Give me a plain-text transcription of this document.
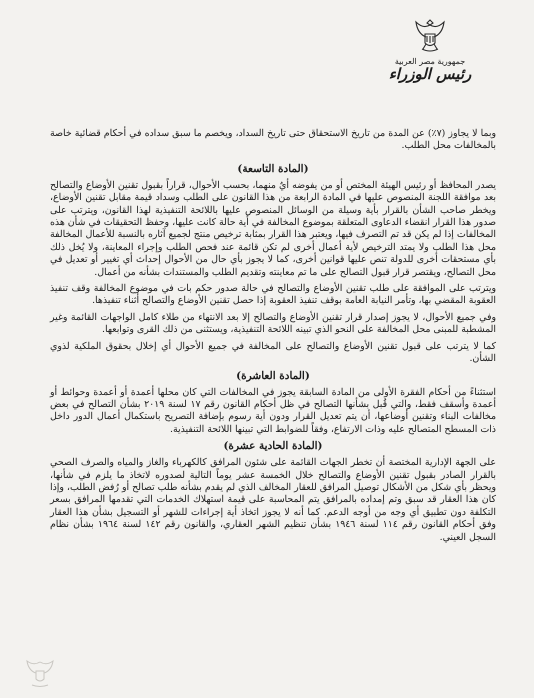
جمهورية مصر العربية
رئيس الوزراء

وبما لا يجاوز (٧٪) عن المدة من تاريخ الاستحقاق حتى تاريخ السداد، ويخصم ما سبق سداده في أحكام قضائية خاصة بالمخالفات محل الطلب.

(المادة التاسعة)

يصدر المحافظ أو رئيس الهيئة المختص أو من يفوضه أيٌ منهما، بحسب الأحوال، قراراً بقبول تقنين الأوضاع والتصالح بعد موافقة اللجنة المنصوص عليها في المادة الرابعة من هذا القانون على الطلب وسداد قيمة مقابل تقنين الأوضاع، ويخطر صاحب الشأن بالقرار بأية وسيلة من الوسائل المنصوص عليها باللائحة التنفيذية لهذا القانون، ويترتب على صدور هذا القرار انقضاء الدعاوى المتعلقة بموضوع المخالفة في أية حالة كانت عليها، وحفظ التحقيقات في شأن هذه المخالفات إذا لم يكن قد تم التصرف فيها، ويعتبر هذا القرار بمثابة ترخيص منتج لجميع آثاره بالنسبة للأعمال المخالفة محل هذا الطلب ولا يمتد الترخيص لأية أعمال أخرى لم تكن قائمة عند فحص الطلب وإجراء المعاينة، ولا يُخل ذلك بأي مستحقات أخرى للدولة تنص عليها قوانين أخرى، كما لا يجوز بأي حال من الأحوال إحداث أي تغيير أو تعديل في محل التصالح، ويقتصر قرار قبول التصالح على ما تم معاينته وتقديم الطلب والمستندات بشأنه من أعمال.

ويترتب على الموافقة على طلب تقنين الأوضاع والتصالح في حالة صدور حكم بات في موضوع المخالفة وقف تنفيذ العقوبة المقضي بها، وتأمر النيابة العامة بوقف تنفيذ العقوبة إذا حصل تقنين الأوضاع والتصالح أثناء تنفيذها.

وفي جميع الأحوال، لا يجوز إصدار قرار تقنين الأوضاع والتصالح إلا بعد الانتهاء من طلاء كامل الواجهات القائمة وغير المشطبة للمبنى محل المخالفة على النحو الذي تبينه اللائحة التنفيذية، ويستثنى من ذلك القرى وتوابعها.

كما لا يترتب على قبول تقنين الأوضاع والتصالح على المخالفة في جميع الأحوال أي إخلال بحقوق الملكية لذوي الشأن.

(المادة العاشرة)

استثناءً من أحكام الفقرة الأولى من المادة السابقة يجوز في المخالفات التي كان محلها أعمدة أو أعمدة وحوائط أو أعمدة وأسقف فقط، والتي قُبل بشأنها التصالح في ظل أحكام القانون رقم ١٧ لسنة ٢٠١٩ بشأن التصالح في بعض مخالفات البناء وتقنين أوضاعها، أن يتم تعديل القرار ودون أية رسوم بإضافة التصريح باستكمال أعمال الدور داخل ذات المسطح المتصالح عليه وذات الارتفاع، وفقاً للضوابط التي تبينها اللائحة التنفيذية.

(المادة الحادية عشرة)

على الجهة الإدارية المختصة أن تخطر الجهات القائمة على شئون المرافق كالكهرباء والغاز والمياه والصرف الصحي بالقرار الصادر بقبول تقنين الأوضاع والتصالح خلال الخمسة عشر يوماً التالية لصدوره لاتخاذ ما يلزم في شأنها، ويحظر بأي شكل من الأشكال توصيل المرافق للعقار المخالف الذي لم يقدم بشأنه طلب تصالح أو رُفض الطلب، وإذا كان هذا العقار قد سبق وتم إمداده بالمرافق يتم المحاسبة على قيمة استهلاك الخدمات التي تقدمها المرافق بسعر التكلفة دون تطبيق أي وجه من أوجه الدعم. كما أنه لا يجوز اتخاذ أية إجراءات للشهر أو التسجيل بشأن هذا العقار وفق أحكام القانون رقم ١١٤ لسنة ١٩٤٦ بشأن تنظيم الشهر العقاري، والقانون رقم ١٤٢ لسنة ١٩٦٤ بشأن نظام السجل العيني.
